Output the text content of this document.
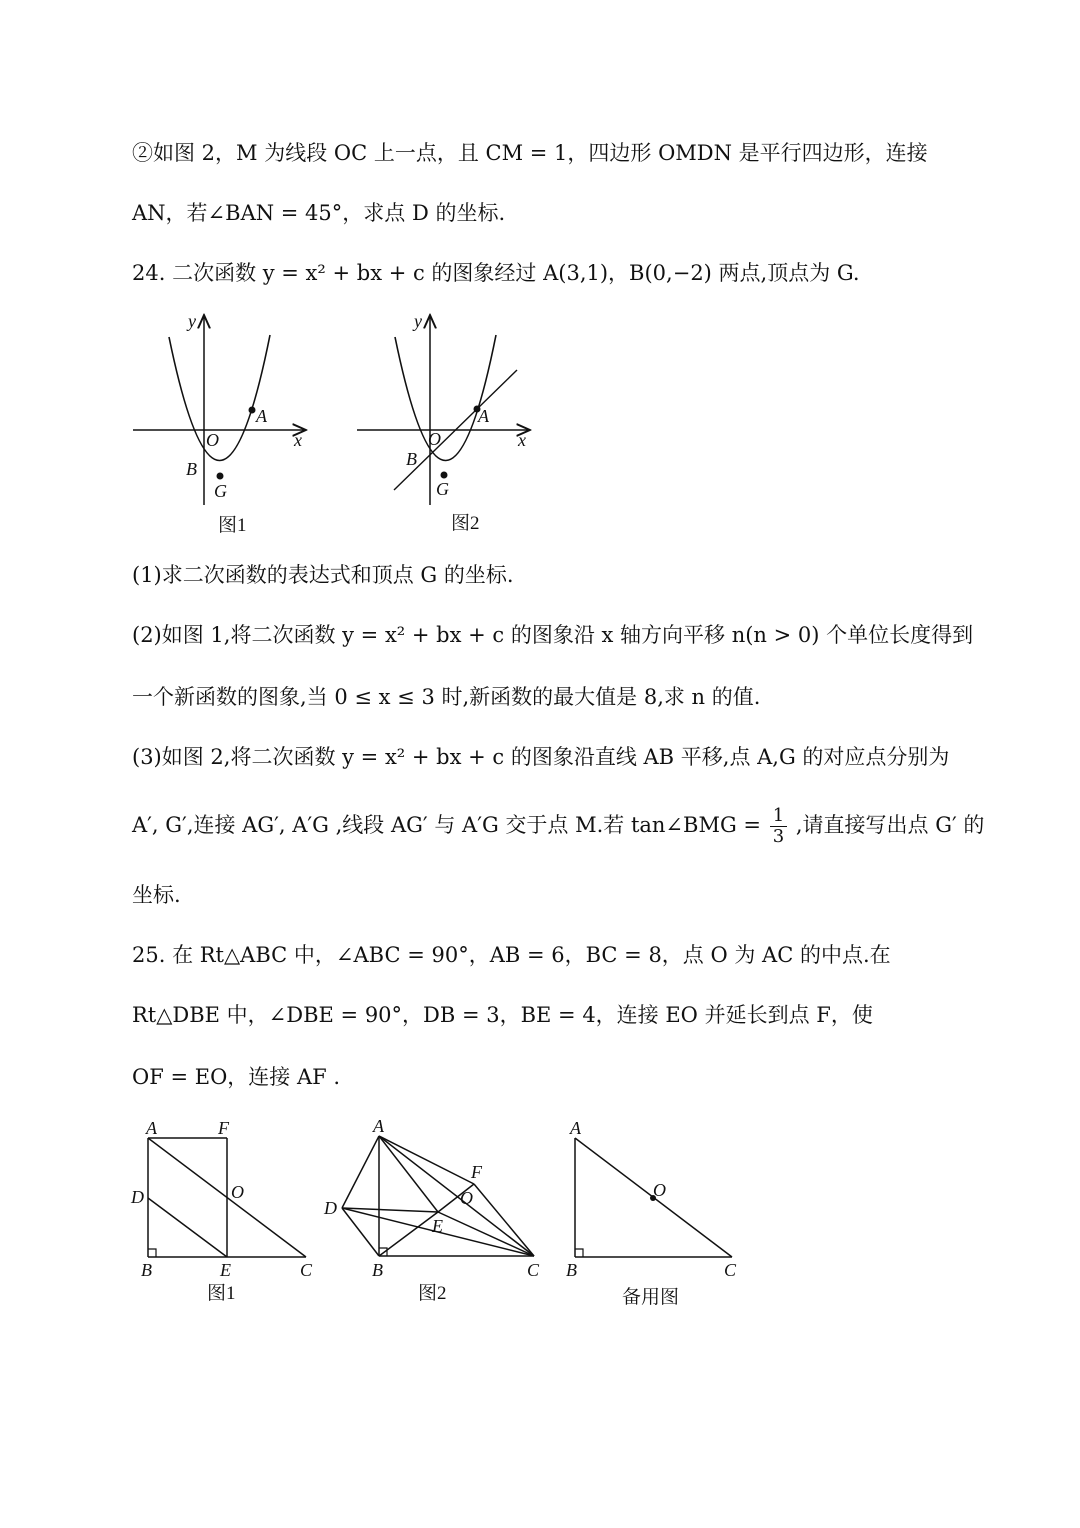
②如图 2，M 为线段 OC 上一点，且 CM = 1，四边形 OMDN 是平行四边形，连接
AN，若∠BAN = 45°，求点 D 的坐标.
24. 二次函数 y = x² + bx + c 的图象经过 A(3,1)，B(0,−2) 两点,顶点为 G.
y
x
O
A
B
G
图1
y
x
O
A
B
G
图2
(1)求二次函数的表达式和顶点 G 的坐标.
(2)如图 1,将二次函数 y = x² + bx + c 的图象沿 x 轴方向平移 n(n > 0) 个单位长度得到
一个新函数的图象,当 0 ≤ x ≤ 3 时,新函数的最大值是 8,求 n 的值.
(3)如图 2,将二次函数 y = x² + bx + c 的图象沿直线 AB 平移,点 A,G 的对应点分别为
A′, G′,连接 AG′, A′G ,线段 AG′ 与 A′G 交于点 M.若 tan∠BMG = $\frac{1}{3}$ ,请直接写出点 G′ 的
坐标.
25. 在 Rt△ABC 中，∠ABC = 90°，AB = 6，BC = 8，点 O 为 AC 的中点.在
Rt△DBE 中，∠DBE = 90°，DB = 3，BE = 4，连接 EO 并延长到点 F，使
OF = EO，连接 AF .
A	F
D	O
B	E	C
图1
A
F
O
D
E
B	C
图2
A
O
B	C
备用图
